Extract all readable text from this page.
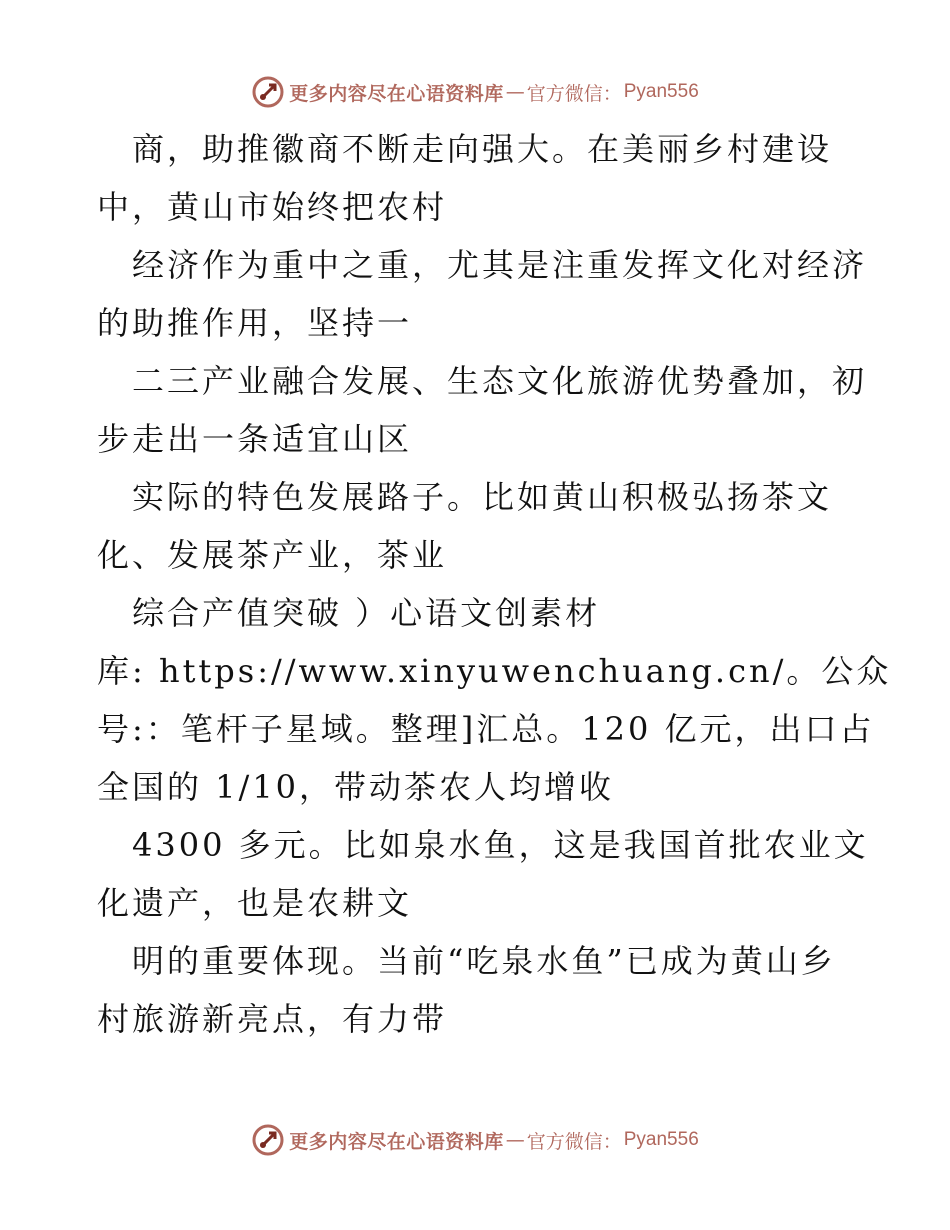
更多内容尽在心语资料库 — 官方微信： Pyan556
　商，助推徽商不断走向强大。在美丽乡村建设
中，黄山市始终把农村
　经济作为重中之重，尤其是注重发挥文化对经济
的助推作用，坚持一
　二三产业融合发展、生态文化旅游优势叠加，初
步走出一条适宜山区
　实际的特色发展路子。比如黄山积极弘扬茶文
化、发展茶产业，茶业
　综合产值突破 ）心语文创素材
库: https://www.xinyuwenchuang.cn/。公众
号:：笔杆子星域。整理]汇总。120 亿元，出口占
全国的 1/10，带动茶农人均增收
　4300 多元。比如泉水鱼，这是我国首批农业文
化遗产，也是农耕文
　明的重要体现。当前“吃泉水鱼”已成为黄山乡
村旅游新亮点，有力带
更多内容尽在心语资料库 — 官方微信： Pyan556
